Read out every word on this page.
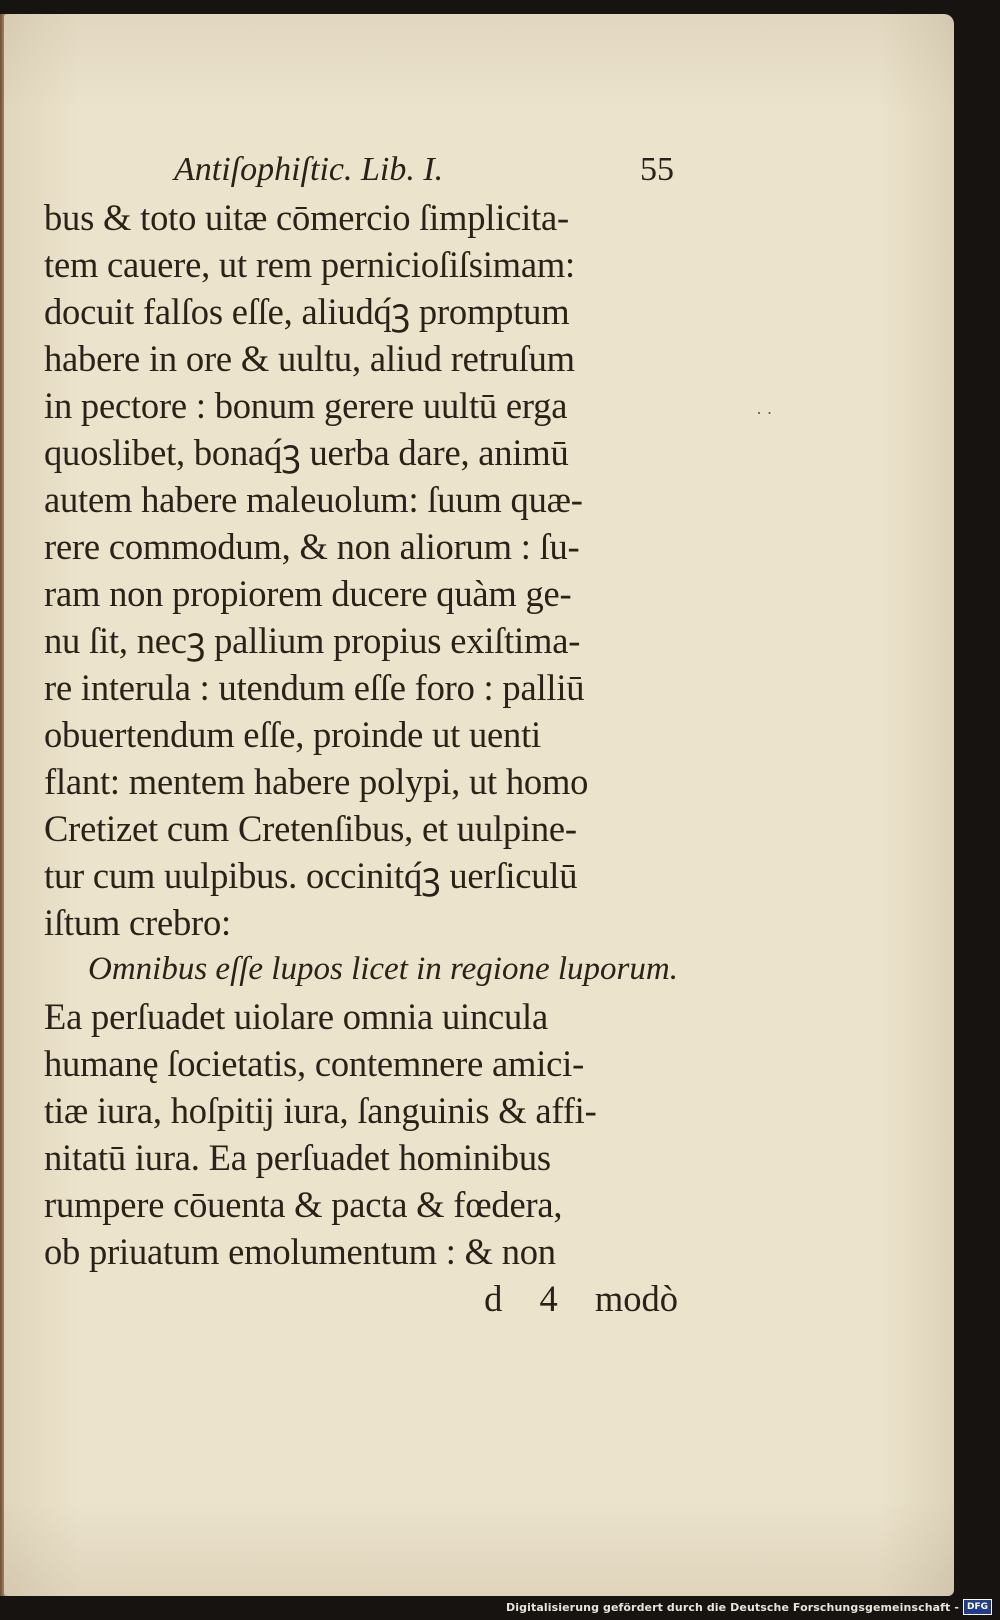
· ·
Antiſophiſtic. Lib. I.	55
bus & toto uitæ cōmercio ſimplicita-
tem cauere, ut rem pernicioſiſsimam:
docuit falſos eſſe, aliudq́ꝫ promptum
habere in ore & uultu, aliud retruſum
in pectore : bonum gerere uultū erga
quoslibet, bonaq́ꝫ uerba dare, animū
autem habere maleuolum: ſuum quæ-
rere commodum, & non aliorum : ſu-
ram non propiorem ducere quàm ge-
nu ſit, necꝫ pallium propius exiſtima-
re interula : utendum eſſe foro : palliū
obuertendum eſſe, proinde ut uenti
flant: mentem habere polypi, ut homo
Cretizet cum Cretenſibus, et uulpine-
tur cum uulpibus. occinitq́ꝫ uerſiculū
iſtum crebro:
Omnibus eſſe lupos licet in regione luporum.
Ea perſuadet uiolare omnia uincula
humanę ſocietatis, contemnere amici-
tiæ iura, hoſpitij iura, ſanguinis & affi-
nitatū iura. Ea perſuadet hominibus
rumpere cōuenta & pacta & fœdera,
ob priuatum emolumentum : & non
d 4 modò
Digitalisierung gefördert durch die Deutsche Forschungsgemeinschaft - DFG
